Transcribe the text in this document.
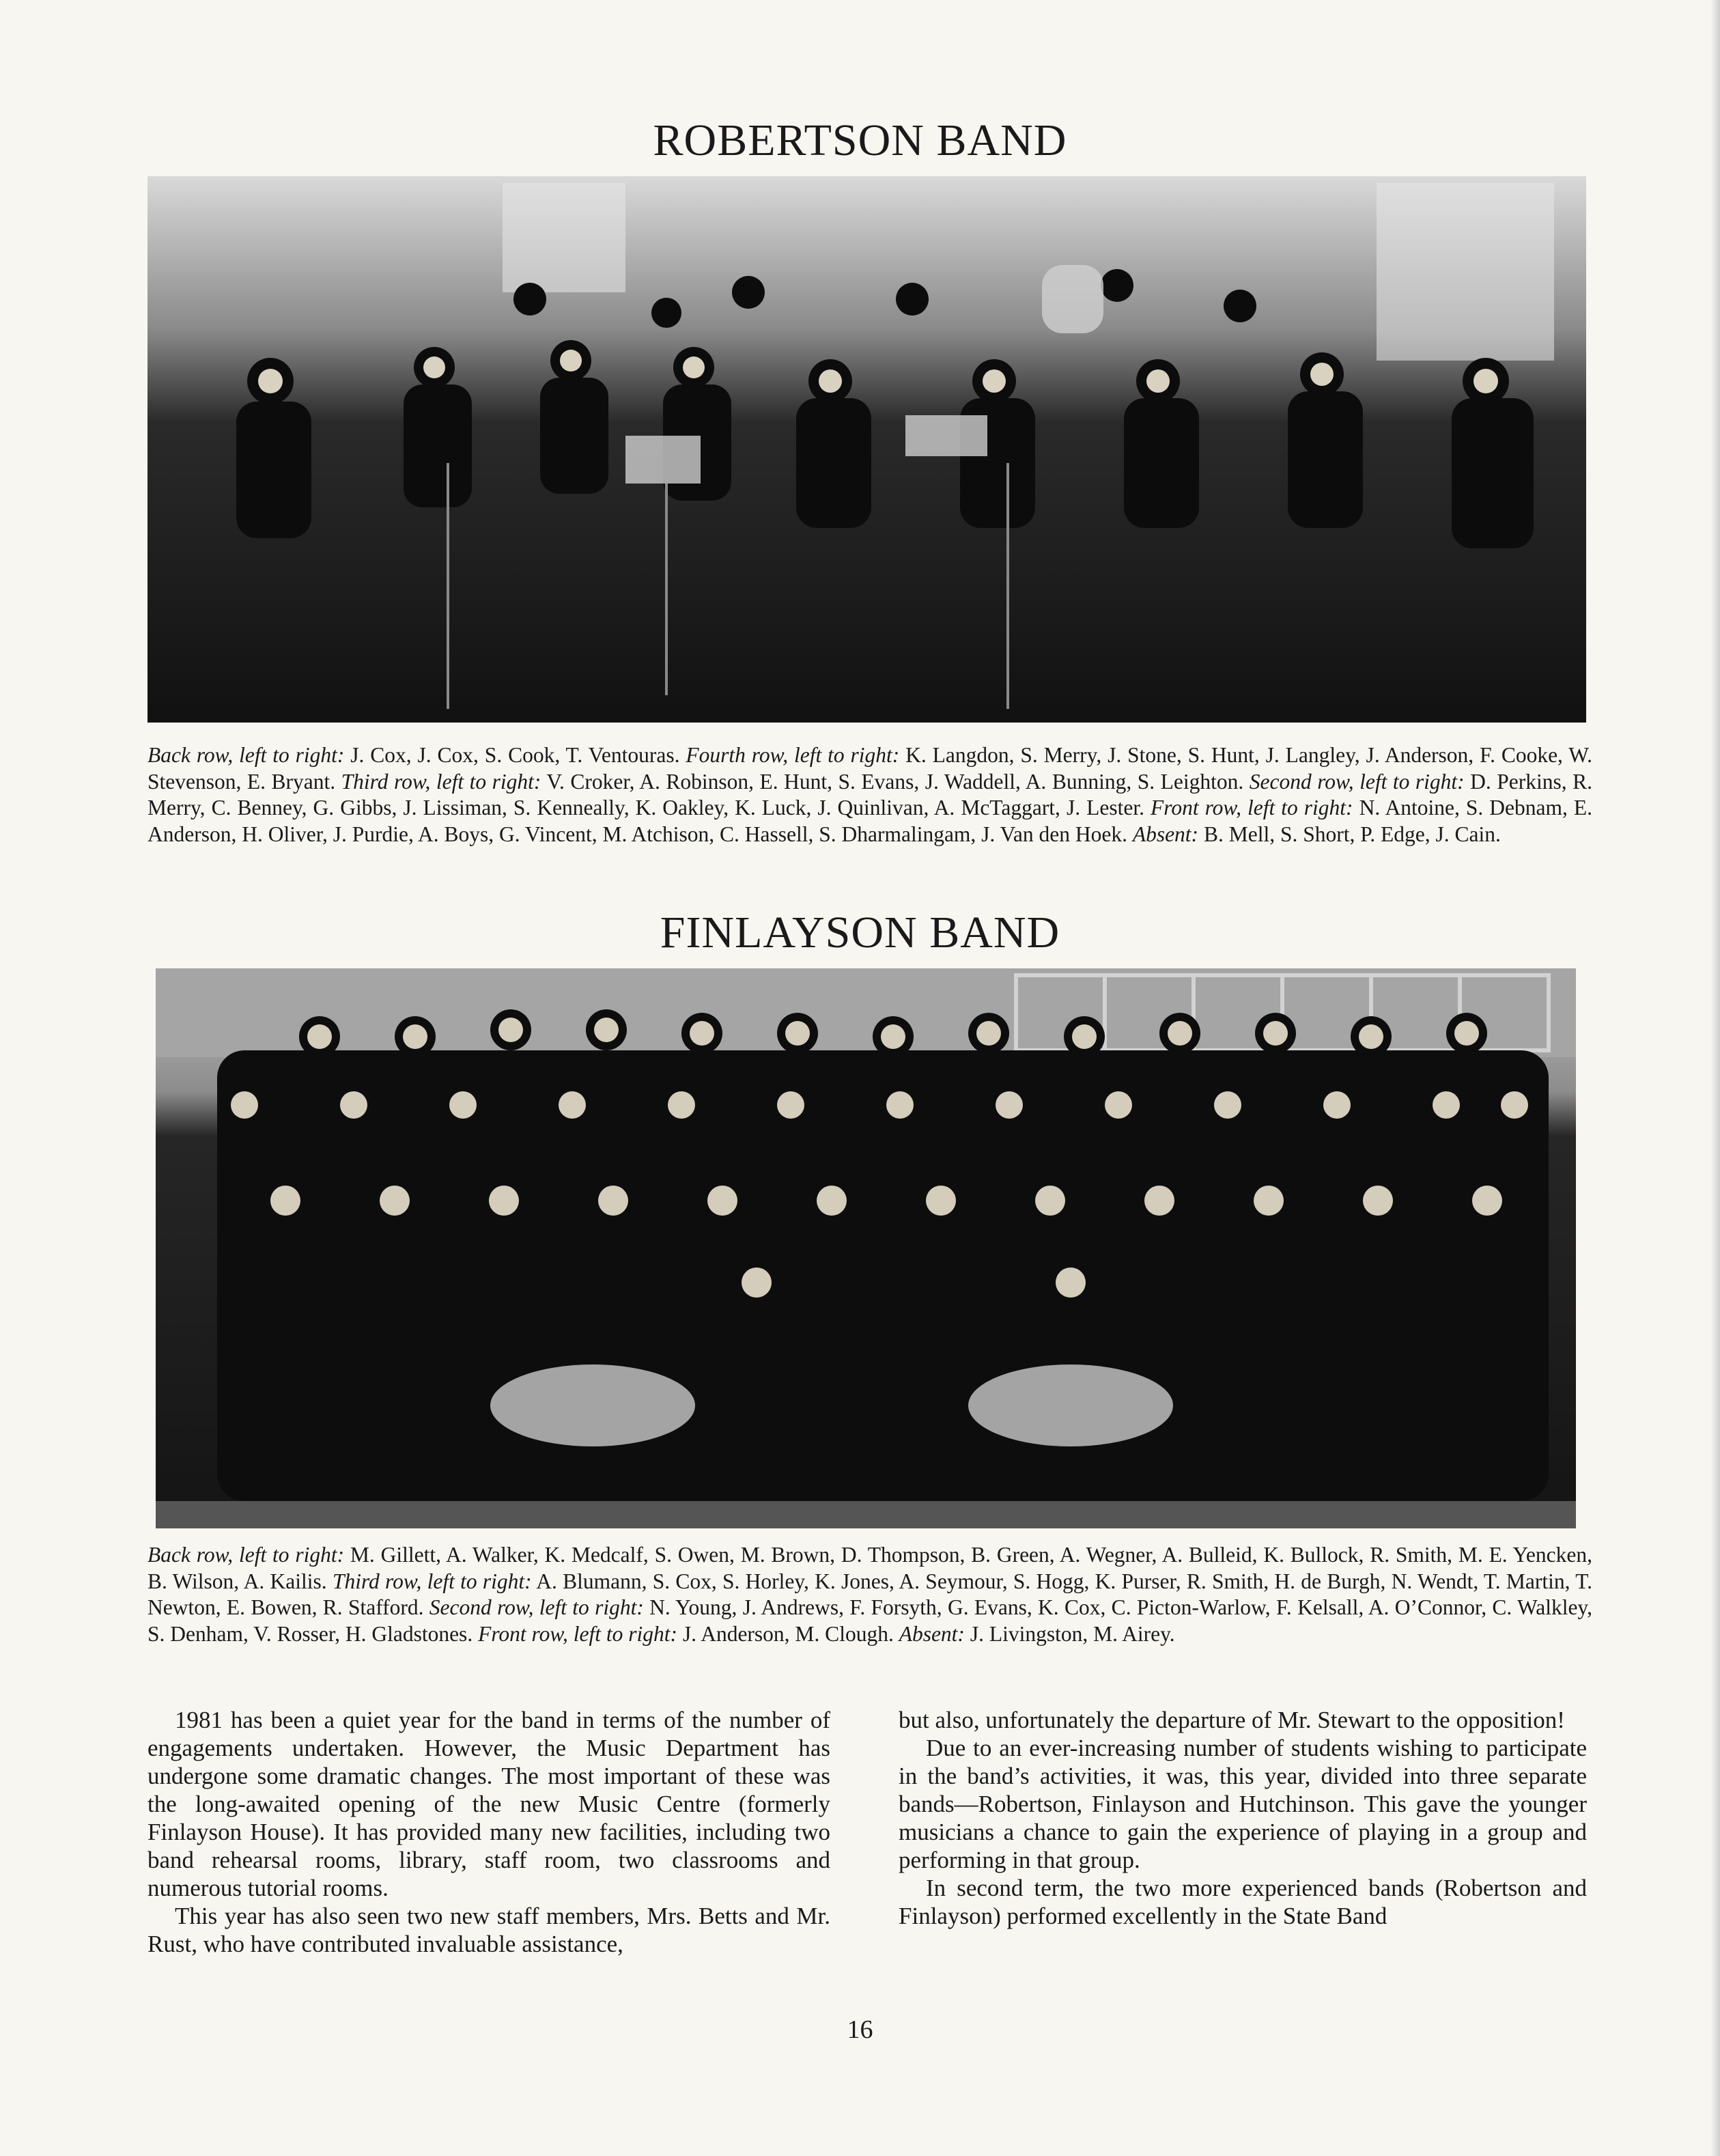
ROBERTSON BAND
Back row, left to right: J. Cox, J. Cox, S. Cook, T. Ventouras. Fourth row, left to right: K. Langdon, S. Merry, J. Stone, S. Hunt, J. Langley, J. Anderson, F. Cooke, W. Stevenson, E. Bryant. Third row, left to right: V. Croker, A. Robinson, E. Hunt, S. Evans, J. Waddell, A. Bunning, S. Leighton. Second row, left to right: D. Perkins, R. Merry, C. Benney, G. Gibbs, J. Lissiman, S. Kenneally, K. Oakley, K. Luck, J. Quinlivan, A. McTaggart, J. Lester. Front row, left to right: N. Antoine, S. Debnam, E. Anderson, H. Oliver, J. Purdie, A. Boys, G. Vincent, M. Atchison, C. Hassell, S. Dharmalingam, J. Van den Hoek. Absent: B. Mell, S. Short, P. Edge, J. Cain.
FINLAYSON BAND
Back row, left to right: M. Gillett, A. Walker, K. Medcalf, S. Owen, M. Brown, D. Thompson, B. Green, A. Wegner, A. Bulleid, K. Bullock, R. Smith, M. E. Yencken, B. Wilson, A. Kailis. Third row, left to right: A. Blumann, S. Cox, S. Horley, K. Jones, A. Seymour, S. Hogg, K. Purser, R. Smith, H. de Burgh, N. Wendt, T. Martin, T. Newton, E. Bowen, R. Stafford. Second row, left to right: N. Young, J. Andrews, F. Forsyth, G. Evans, K. Cox, C. Picton-Warlow, F. Kelsall, A. O’Connor, C. Walkley, S. Denham, V. Rosser, H. Gladstones. Front row, left to right: J. Anderson, M. Clough. Absent: J. Livingston, M. Airey.

1981 has been a quiet year for the band in terms of the number of engagements undertaken. However, the Music Department has undergone some dramatic changes. The most important of these was the long-awaited opening of the new Music Centre (formerly Finlayson House). It has provided many new facilities, including two band rehearsal rooms, library, staff room, two classrooms and numerous tutorial rooms.

This year has also seen two new staff members, Mrs. Betts and Mr. Rust, who have contributed invaluable assistance,

but also, unfortunately the departure of Mr. Stewart to the opposition!

Due to an ever-increasing number of students wishing to participate in the band’s activities, it was, this year, divided into three separate bands—Robertson, Finlayson and Hutchinson. This gave the younger musicians a chance to gain the experience of playing in a group and performing in that group.

In second term, the two more experienced bands (Robertson and Finlayson) performed excellently in the State Band

16
